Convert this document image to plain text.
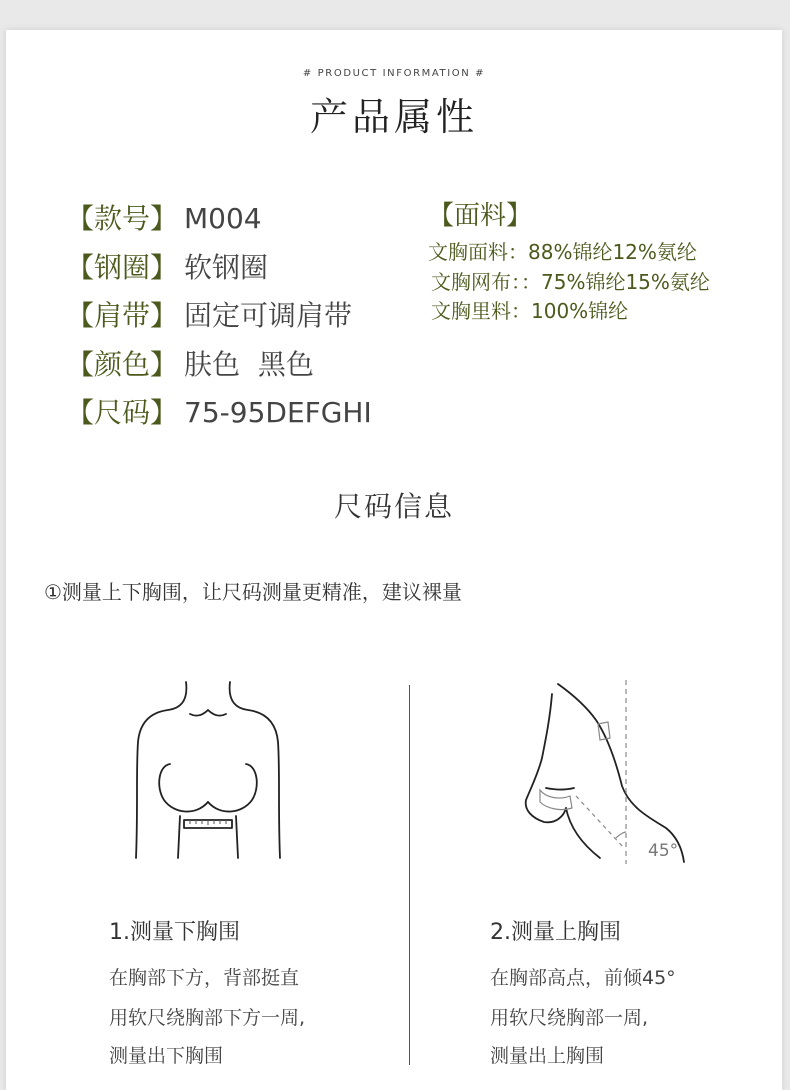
# PRODUCT INFORMATION #
产品属性
【款号】 M004
【钢圈】 软钢圈
【肩带】 固定可调肩带
【颜色】 肤色  黑色
【尺码】 75-95DEFGHI
【面料】
文胸面料：88%锦纶12%氨纶
文胸网布：：75%锦纶15%氨纶
文胸里料：100%锦纶
尺码信息
①测量上下胸围，让尺码测量更精准，建议裸量
45°
1.测量下胸围
在胸部下方，背部挺直
用软尺绕胸部下方一周,
测量出下胸围
2.测量上胸围
在胸部高点，前倾45°
用软尺绕胸部一周,
测量出上胸围
